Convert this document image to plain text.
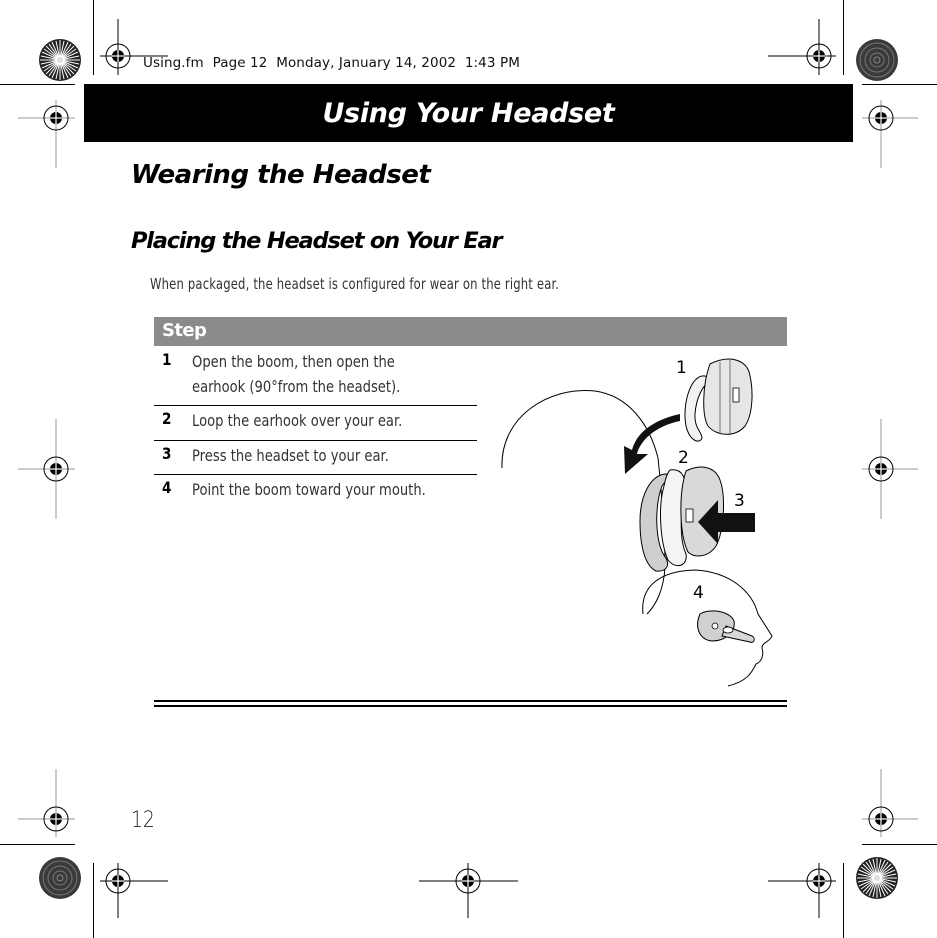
Using.fm  Page 12  Monday, January 14, 2002  1:43 PM
Using Your Headset
Wearing the Headset
Placing the Headset on Your Ear
When packaged, the headset is configured for wear on the right ear.
Step
1 Open the boom, then open the
earhook (90°from the headset).
2 Loop the earhook over your ear.
3 Press the headset to your ear.
4 Point the boom toward your mouth.
1
2
3
4
12
